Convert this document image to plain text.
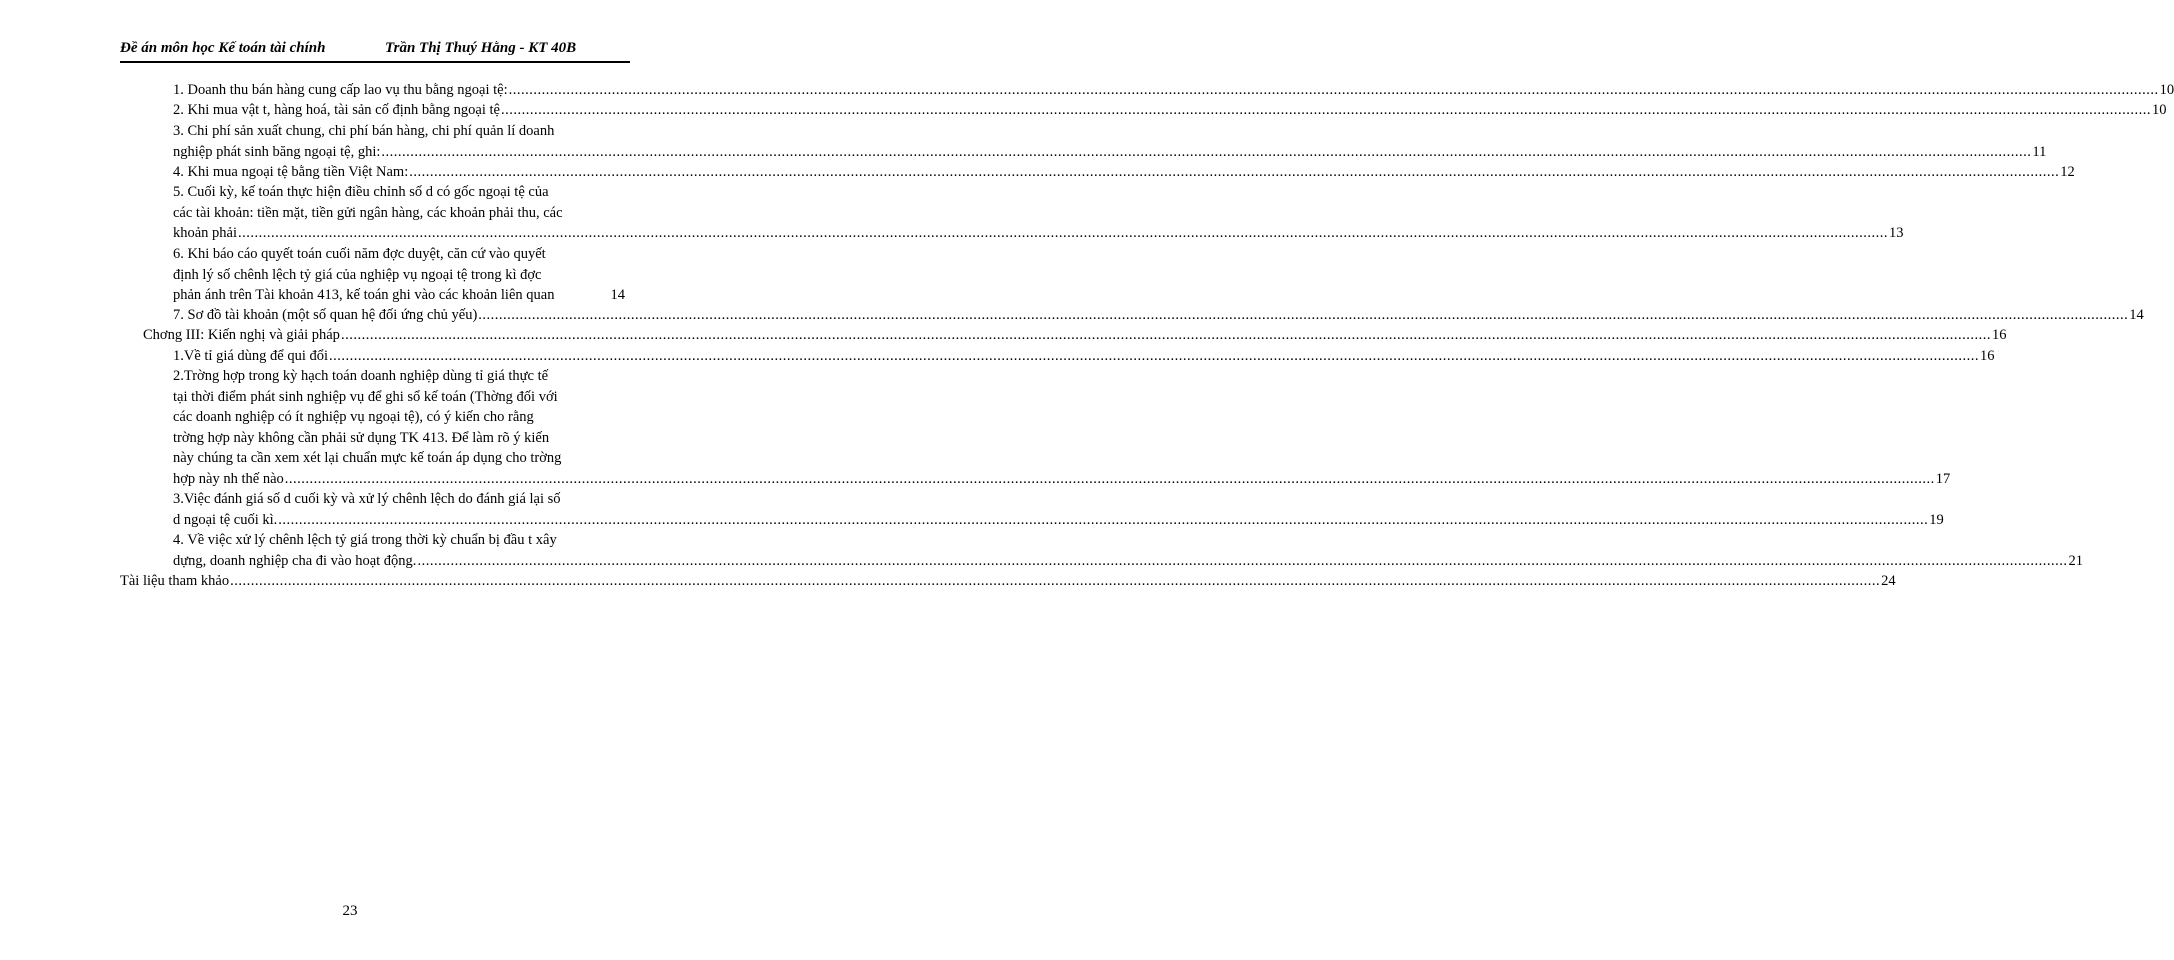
Đề án môn học Kế toán tài chính	Trần Thị Thuý Hằng - KT 40B
1. Doanh thu bán hàng cung cấp lao vụ thu bằng ngoại tệ: ................................................................................................................................................................................................................................................................................................................................................................................................................ 10
2. Khi mua vật t, hàng hoá, tài sản cố định bằng ngoại tệ ................................................................................................................................................................................................................................................................................................................................................................................................................ 10
3. Chi phí sản xuất chung, chi phí bán hàng, chi phí quản lí doanh
nghiệp phát sinh băng ngoại tệ, ghi: ................................................................................................................................................................................................................................................................................................................................................................................................................ 11
4. Khi mua ngoại tệ bằng tiền Việt Nam: ................................................................................................................................................................................................................................................................................................................................................................................................................ 12
5. Cuối kỳ, kế toán thực hiện điều chỉnh số d có gốc ngoại tệ của
các tài khoản: tiền mặt, tiền gửi ngân hàng, các khoản phải thu, các
khoản phải ................................................................................................................................................................................................................................................................................................................................................................................................................ 13
6. Khi báo cáo quyết toán cuối năm đợc duyệt, căn cứ vào quyết
định lý số chênh lệch tỷ giá của nghiệp vụ ngoại tệ trong kì đợc
phản ánh trên Tài khoản 413, kế toán ghi vào các khoản liên quan	14
7. Sơ đồ tài khoản (một số quan hệ đối ứng chủ yếu) ................................................................................................................................................................................................................................................................................................................................................................................................................ 14
Chơng III: Kiến nghị và giải pháp ................................................................................................................................................................................................................................................................................................................................................................................................................ 16
1.Về tỉ giá dùng để qui đổi ................................................................................................................................................................................................................................................................................................................................................................................................................ 16
2.Trờng hợp trong kỳ hạch toán doanh nghiệp dùng tỉ giá thực tế
tại thời điểm phát sinh nghiệp vụ để ghi sổ kế toán (Thờng đối với
các doanh nghiệp có ít nghiệp vụ ngoại tệ), có ý kiến cho rằng
trờng hợp này không cần phải sử dụng TK 413. Để làm rõ ý kiến
này chúng ta cần xem xét lại chuẩn mực kế toán áp dụng cho trờng
hợp này nh thế nào ................................................................................................................................................................................................................................................................................................................................................................................................................ 17
3.Việc đánh giá số d cuối kỳ và xử lý chênh lệch do đánh giá lại số
d ngoại tệ cuối kì. ................................................................................................................................................................................................................................................................................................................................................................................................................ 19
4. Về việc xử lý chênh lệch tỷ giá trong thời kỳ chuẩn bị đầu t xây
dựng, doanh nghiệp cha đi vào hoạt động. ................................................................................................................................................................................................................................................................................................................................................................................................................ 21
Tài liệu tham khảo ................................................................................................................................................................................................................................................................................................................................................................................................................ 24
23
